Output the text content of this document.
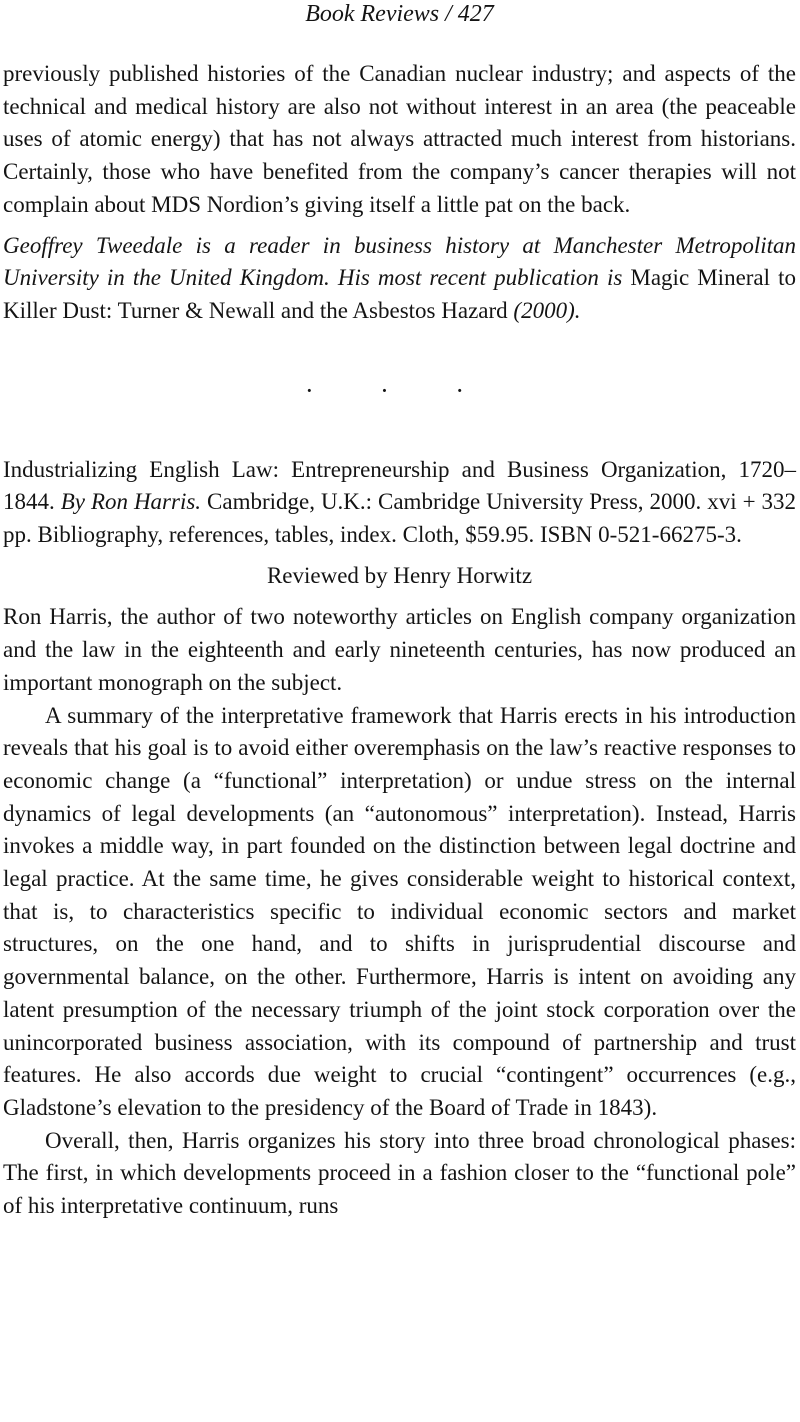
Book Reviews / 427

previously published histories of the Canadian nuclear industry; and aspects of the technical and medical history are also not without interest in an area (the peaceable uses of atomic energy) that has not always attracted much interest from historians. Certainly, those who have benefited from the company’s cancer therapies will not complain about MDS Nordion’s giving itself a little pat on the back.

Geoffrey Tweedale is a reader in business history at Manchester Metropolitan University in the United Kingdom. His most recent publication is Magic Mineral to Killer Dust: Turner & Newall and the Asbestos Hazard (2000).

· · ·

Industrializing English Law: Entrepreneurship and Business Organization, 1720–1844. By Ron Harris. Cambridge, U.K.: Cambridge University Press, 2000. xvi + 332 pp. Bibliography, references, tables, index. Cloth, $59.95. ISBN 0-521-66275-3.

Reviewed by Henry Horwitz

Ron Harris, the author of two noteworthy articles on English company organization and the law in the eighteenth and early nineteenth centuries, has now produced an important monograph on the subject.

A summary of the interpretative framework that Harris erects in his introduction reveals that his goal is to avoid either overemphasis on the law’s reactive responses to economic change (a “functional” interpretation) or undue stress on the internal dynamics of legal developments (an “autonomous” interpretation). Instead, Harris invokes a middle way, in part founded on the distinction between legal doctrine and legal practice. At the same time, he gives considerable weight to historical context, that is, to characteristics specific to individual economic sectors and market structures, on the one hand, and to shifts in jurisprudential discourse and governmental balance, on the other. Furthermore, Harris is intent on avoiding any latent presumption of the necessary triumph of the joint stock corporation over the unincorporated business association, with its compound of partnership and trust features. He also accords due weight to crucial “contingent” occurrences (e.g., Gladstone’s elevation to the presidency of the Board of Trade in 1843).

Overall, then, Harris organizes his story into three broad chronological phases: The first, in which developments proceed in a fashion closer to the “functional pole” of his interpretative continuum, runs
